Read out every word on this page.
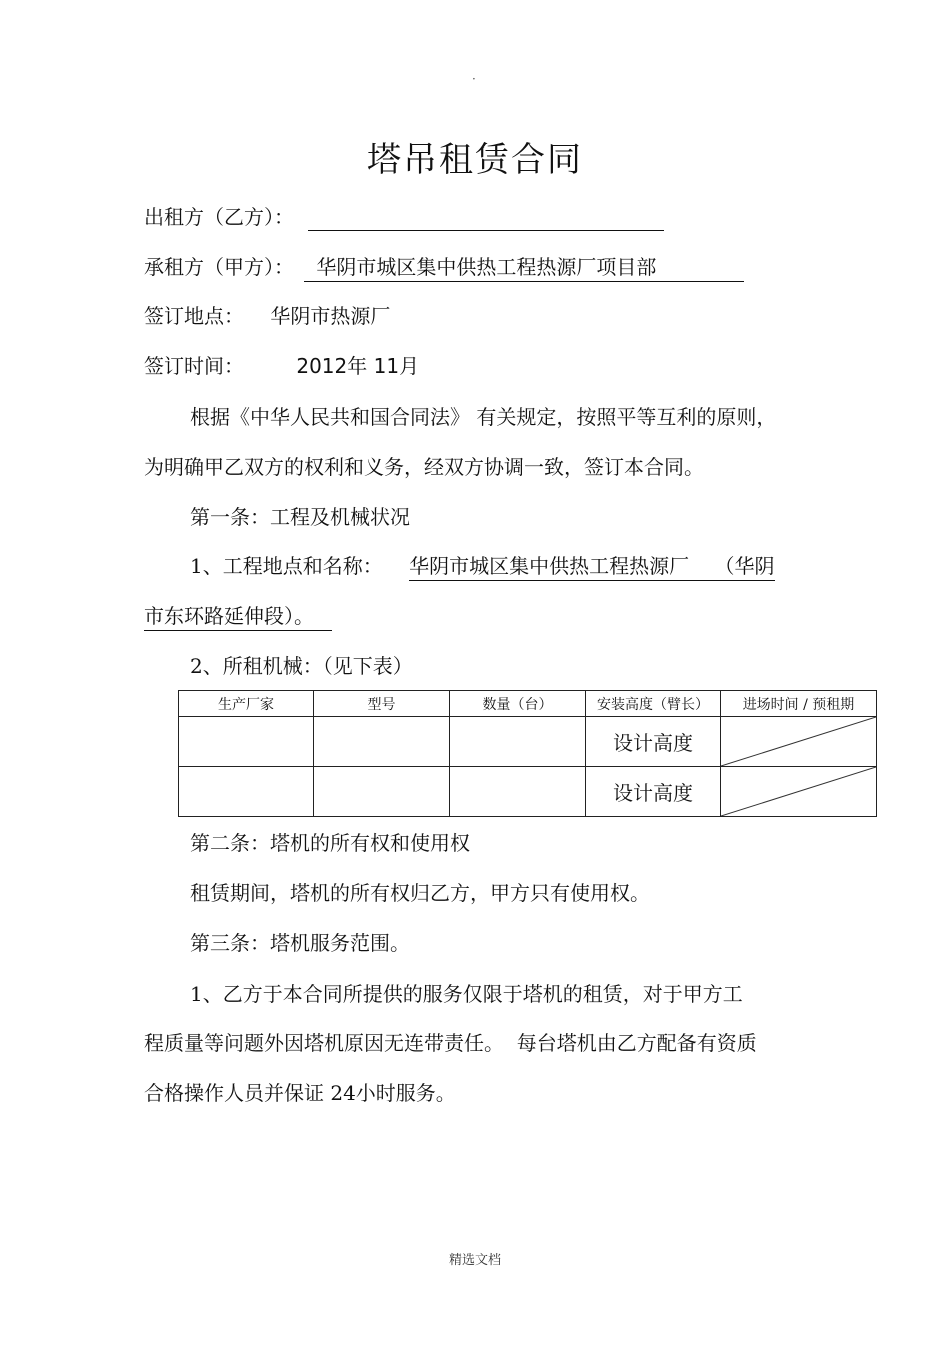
·
塔吊租赁合同
出租方（乙方）：
承租方（甲方）： 华阴市城区集中供热工程热源厂项目部
签订地点： 华阴市热源厂
签订时间：	2012年 11月
根据《中华人民共和国合同法》 有关规定，按照平等互利的原则，
为明确甲乙双方的权利和义务，经双方协调一致，签订本合同。
第一条：工程及机械状况
1、工程地点和名称： 华阴市城区集中供热工程热源厂    （华阴
市东环路延伸段）。
2、所租机械：（见下表）
生产厂家	型号	数量（台）	安装高度（臂长）	进场时间 / 预租期
			设计高度	

			设计高度	
第二条：塔机的所有权和使用权
租赁期间，塔机的所有权归乙方，甲方只有使用权。
第三条：塔机服务范围。
1、乙方于本合同所提供的服务仅限于塔机的租赁，对于甲方工
程质量等问题外因塔机原因无连带责任。  每台塔机由乙方配备有资质
合格操作人员并保证 24小时服务。
精选文档
